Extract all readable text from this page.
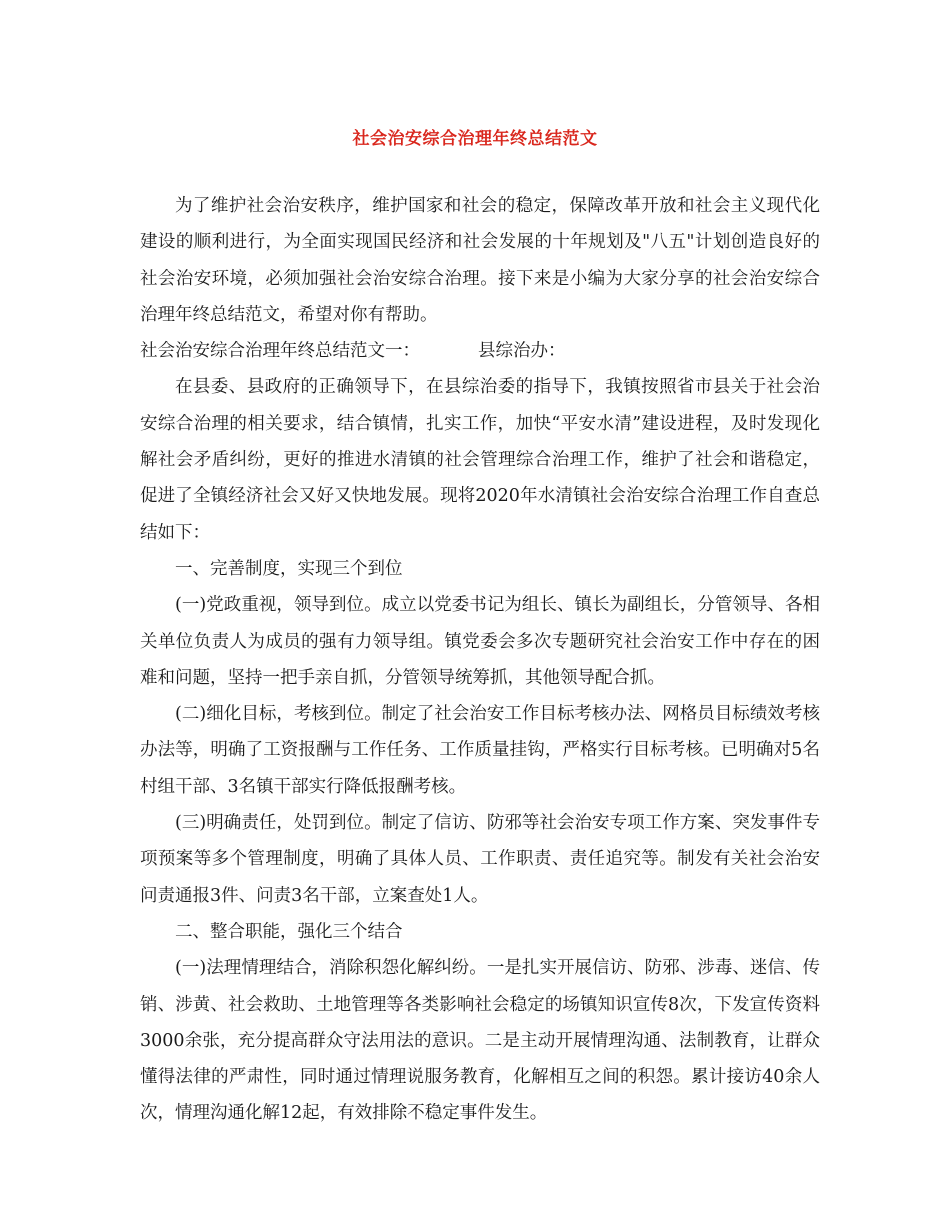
社会治安综合治理年终总结范文

为了维护社会治安秩序，维护国家和社会的稳定，保障改革开放和社会主义现代化建设的顺利进行，为全面实现国民经济和社会发展的十年规划及"八五"计划创造良好的社会治安环境，必须加强社会治安综合治理。接下来是小编为大家分享的社会治安综合治理年终总结范文，希望对你有帮助。

社会治安综合治理年终总结范文一：	县综治办：

在县委、县政府的正确领导下，在县综治委的指导下，我镇按照省市县关于社会治安综合治理的相关要求，结合镇情，扎实工作，加快“平安水清”建设进程，及时发现化解社会矛盾纠纷，更好的推进水清镇的社会管理综合治理工作，维护了社会和谐稳定，促进了全镇经济社会又好又快地发展。现将2020年水清镇社会治安综合治理工作自查总结如下：

一、完善制度，实现三个到位

(一)党政重视，领导到位。成立以党委书记为组长、镇长为副组长，分管领导、各相关单位负责人为成员的强有力领导组。镇党委会多次专题研究社会治安工作中存在的困难和问题，坚持一把手亲自抓，分管领导统筹抓，其他领导配合抓。

(二)细化目标，考核到位。制定了社会治安工作目标考核办法、网格员目标绩效考核办法等，明确了工资报酬与工作任务、工作质量挂钩，严格实行目标考核。已明确对5名村组干部、3名镇干部实行降低报酬考核。

(三)明确责任，处罚到位。制定了信访、防邪等社会治安专项工作方案、突发事件专项预案等多个管理制度，明确了具体人员、工作职责、责任追究等。制发有关社会治安问责通报3件、问责3名干部，立案查处1人。

二、整合职能，强化三个结合

(一)法理情理结合，消除积怨化解纠纷。一是扎实开展信访、防邪、涉毒、迷信、传销、涉黄、社会救助、土地管理等各类影响社会稳定的场镇知识宣传8次，下发宣传资料3000余张，充分提高群众守法用法的意识。二是主动开展情理沟通、法制教育，让群众懂得法律的严肃性，同时通过情理说服务教育，化解相互之间的积怨。累计接访40余人次，情理沟通化解12起，有效排除不稳定事件发生。
